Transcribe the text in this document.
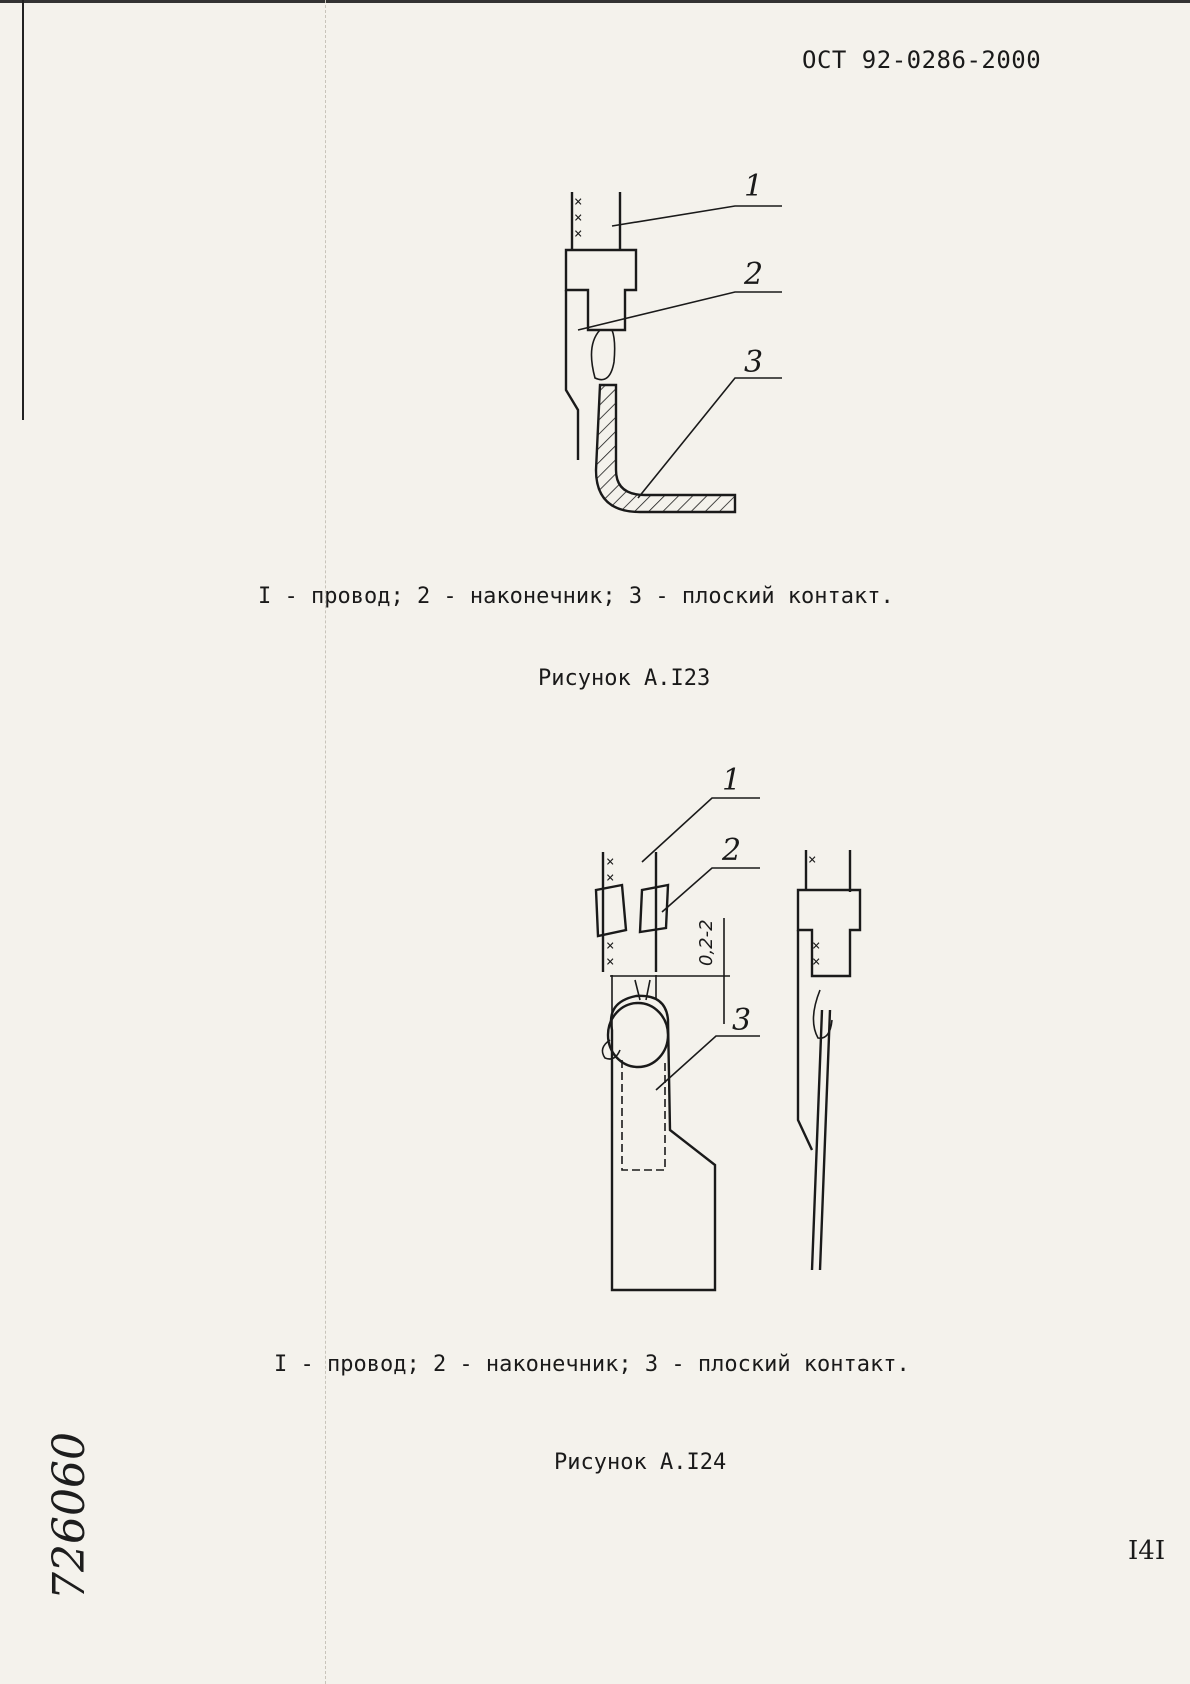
ОСТ 92-0286-2000
×
×
×
1
2
3
I - провод; 2 - наконечник; 3 - плоский контакт.
Рисунок А.I23
×
×
×
×	0,2-2
×
×
×
1
2
3
I - провод; 2 - наконечник; 3 - плоский контакт.
Рисунок А.I24
I4I
726060
